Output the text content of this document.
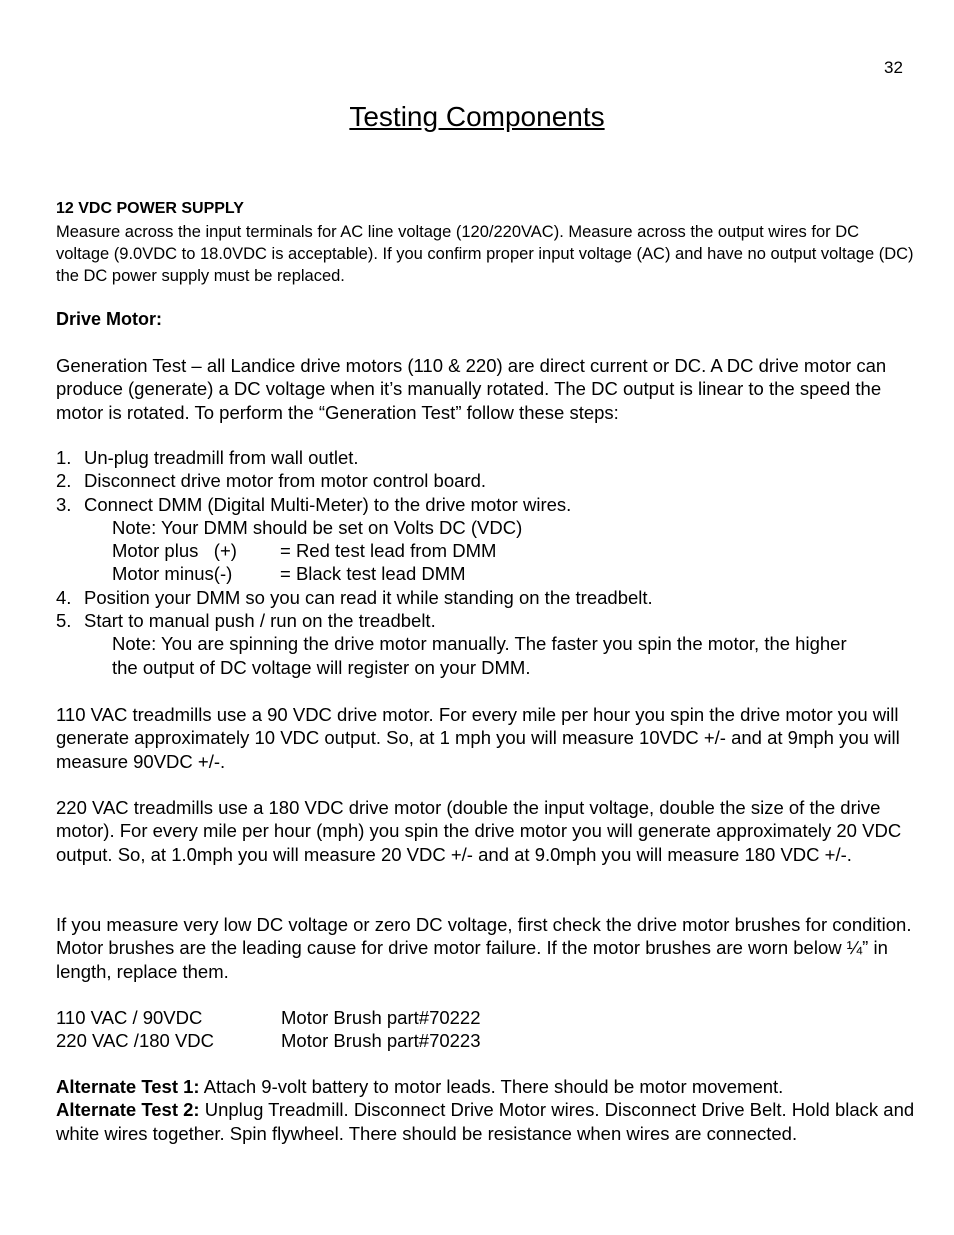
32
Testing Components
12 VDC POWER SUPPLY

Measure across the input terminals for AC line voltage (120/220VAC). Measure across the output wires for DC voltage (9.0VDC to 18.0VDC is acceptable). If you confirm proper input voltage (AC) and have no output voltage (DC) the DC power supply must be replaced.

Drive Motor:

Generation Test – all Landice drive motors (110 & 220) are direct current or DC. A DC drive motor can produce (generate) a DC voltage when it’s manually rotated. The DC output is linear to the speed the motor is rotated. To perform the “Generation Test” follow these steps:

1. Un-plug treadmill from wall outlet.
2. Disconnect drive motor from motor control board.
3. Connect DMM (Digital Multi-Meter) to the drive motor wires.
Note: Your DMM should be set on Volts DC (VDC)
Motor plus   (+)	= Red test lead from DMM
Motor minus(-)	= Black test lead DMM
4. Position your DMM so you can read it while standing on the treadbelt.
5. Start to manual push / run on the treadbelt.
Note: You are spinning the drive motor manually. The faster you spin the motor, the higher the output of DC voltage will register on your DMM.

110 VAC treadmills use a 90 VDC drive motor. For every mile per hour you spin the drive motor you will generate approximately 10 VDC output. So, at 1 mph you will measure 10VDC +/- and at 9mph you will measure 90VDC +/-.

220 VAC treadmills use a 180 VDC drive motor (double the input voltage, double the size of the drive motor). For every mile per hour (mph) you spin the drive motor you will generate approximately 20 VDC output. So, at 1.0mph you will measure 20 VDC +/- and at 9.0mph you will measure 180 VDC +/-.

If you measure very low DC voltage or zero DC voltage, first check the drive motor brushes for condition. Motor brushes are the leading cause for drive motor failure. If the motor brushes are worn below ¼” in length, replace them.

110 VAC / 90VDC	Motor Brush part#70222
220 VAC /180 VDC	Motor Brush part#70223
Alternate Test 1: Attach 9-volt battery to motor leads. There should be motor movement.
Alternate Test 2: Unplug Treadmill. Disconnect Drive Motor wires. Disconnect Drive Belt. Hold black and white wires together. Spin flywheel. There should be resistance when wires are connected.
